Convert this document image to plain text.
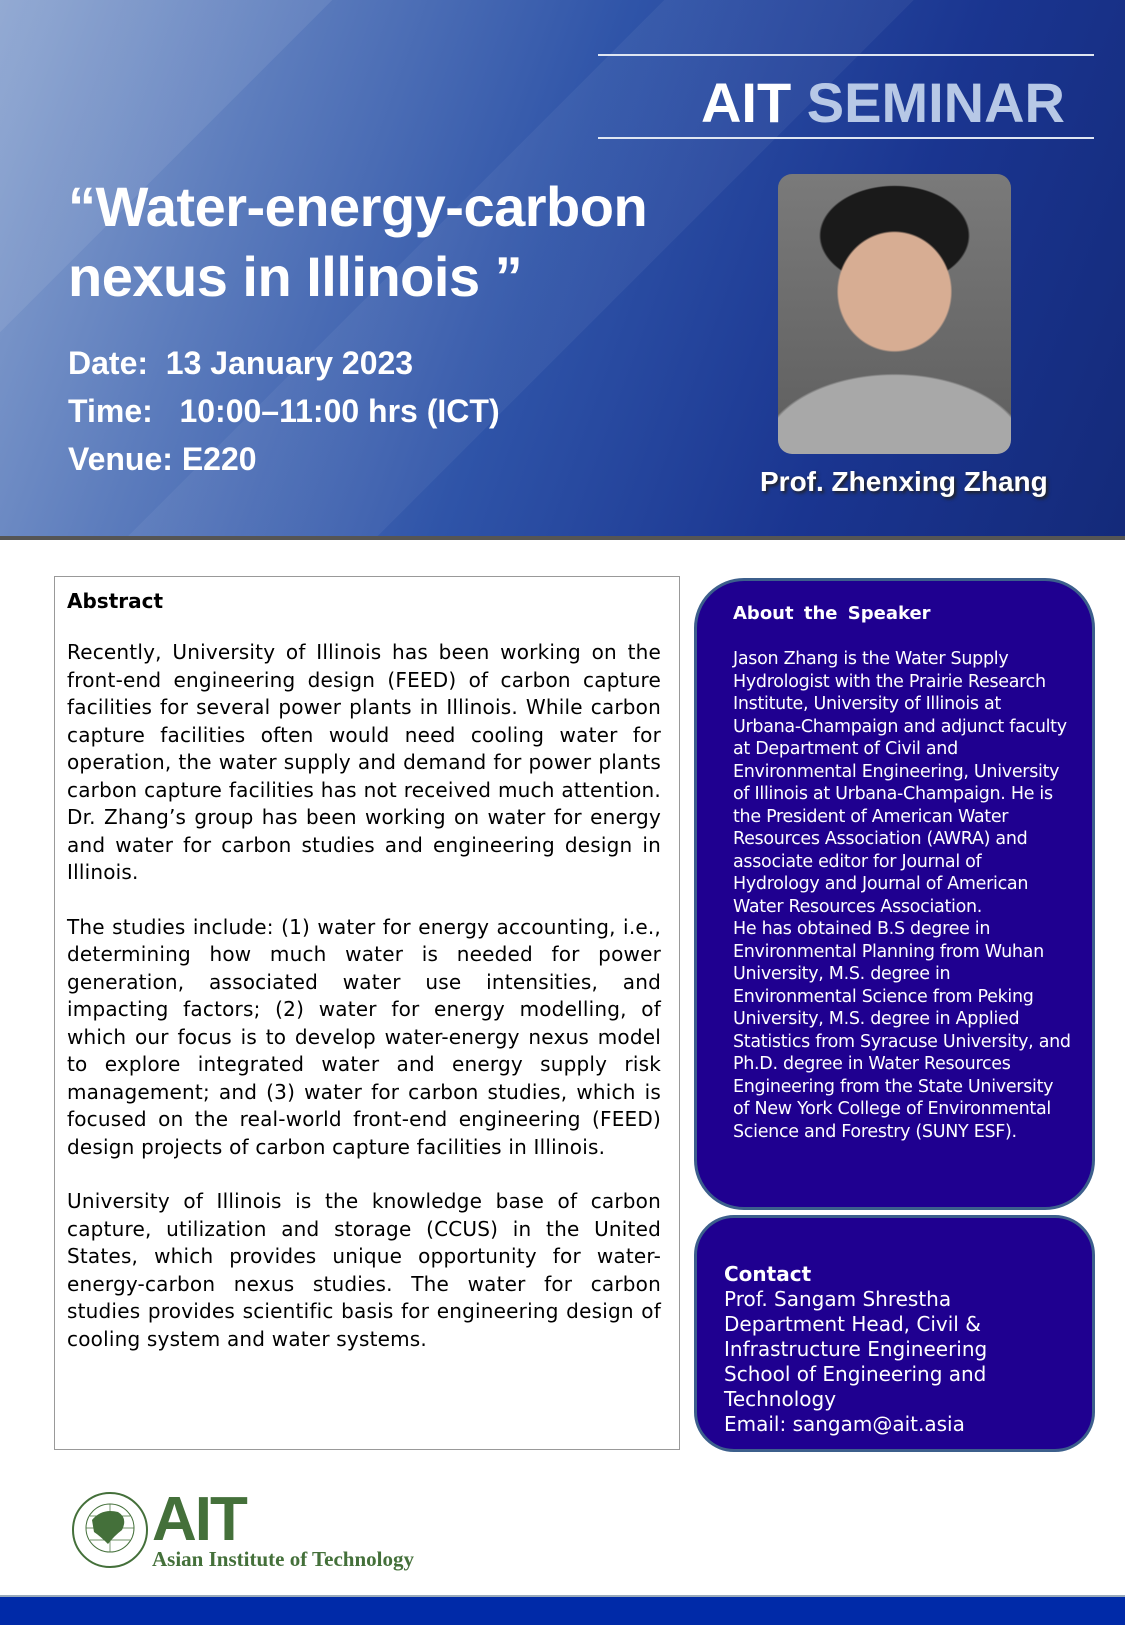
AIT SEMINAR
“Water-energy-carbon
nexus in Illinois ”
Date: 13 January 2023
Time: 10:00–11:00 hrs (ICT)
Venue: E220
Prof. Zhenxing Zhang
Abstract

Recently, University of Illinois has been working on the front-end engineering design (FEED) of carbon capture facilities for several power plants in Illinois. While carbon capture facilities often would need cooling water for operation, the water supply and demand for power plants carbon capture facilities has not received much attention. Dr. Zhang’s group has been working on water for energy and water for carbon studies and engineering design in Illinois.

The studies include: (1) water for energy accounting, i.e., determining how much water is needed for power generation, associated water use intensities, and impacting factors; (2) water for energy modelling, of which our focus is to develop water-energy nexus model to explore integrated water and energy supply risk management; and (3) water for carbon studies, which is focused on the real-world front-end engineering (FEED) design projects of carbon capture facilities in Illinois.

University of Illinois is the knowledge base of carbon capture, utilization and storage (CCUS) in the United States, which provides unique opportunity for water-energy-carbon nexus studies. The water for carbon studies provides scientific basis for engineering design of cooling system and water systems.

About the Speaker

Jason Zhang is the Water Supply Hydrologist with the Prairie Research Institute, University of Illinois at Urbana-Champaign and adjunct faculty at Department of Civil and Environmental Engineering, University of Illinois at Urbana-Champaign. He is the President of American Water Resources Association (AWRA) and associate editor for Journal of Hydrology and Journal of American Water Resources Association.

He has obtained B.S degree in Environmental Planning from Wuhan University, M.S. degree in Environmental Science from Peking University, M.S. degree in Applied Statistics from Syracuse University, and Ph.D. degree in Water Resources Engineering from the State University of New York College of Environmental Science and Forestry (SUNY ESF).

Contact
Prof. Sangam Shrestha
Department Head, Civil &
Infrastructure Engineering
School of Engineering and
Technology
Email: sangam@ait.asia
AIT
Asian Institute of Technology
